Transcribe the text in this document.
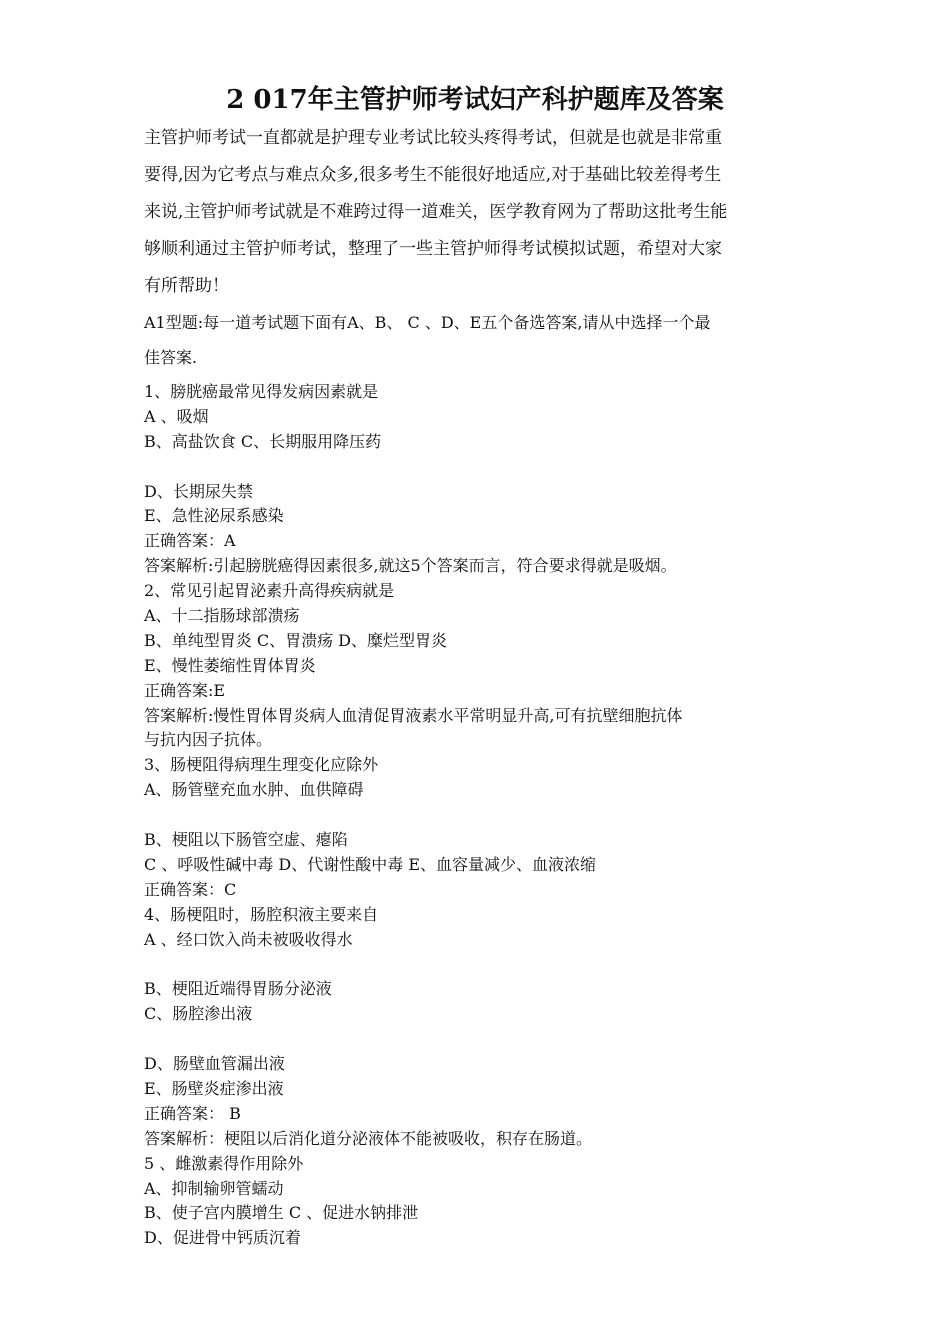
2 017年主管护师考试妇产科护题库及答案
主管护师考试一直都就是护理专业考试比较头疼得考试，但就是也就是非常重
要得,因为它考点与难点众多,很多考生不能很好地适应,对于基础比较差得考生
来说,主管护师考试就是不难跨过得一道难关，医学教育网为了帮助这批考生能
够顺利通过主管护师考试，整理了一些主管护师得考试模拟试题，希望对大家
有所帮助！
A1型题:每一道考试题下面有A、B、 C 、D、E五个备选答案,请从中选择一个最
佳答案.
1、膀胱癌最常见得发病因素就是
A 、吸烟
B、高盐饮食 C、长期服用降压药
D、长期尿失禁
E、急性泌尿系感染
正确答案：A
答案解析:引起膀胱癌得因素很多,就这5个答案而言，符合要求得就是吸烟。
2、常见引起胃泌素升高得疾病就是
A、十二指肠球部溃疡
B、单纯型胃炎 C、胃溃疡 D、糜烂型胃炎
E、慢性萎缩性胃体胃炎
正确答案:E
答案解析:慢性胃体胃炎病人血清促胃液素水平常明显升高,可有抗壁细胞抗体
与抗内因子抗体。
3、肠梗阻得病理生理变化应除外
A、肠管壁充血水肿、血供障碍
B、梗阻以下肠管空虚、瘪陷
C 、呼吸性碱中毒 D、代谢性酸中毒 E、血容量减少、血液浓缩
正确答案：C
4、肠梗阻时，肠腔积液主要来自
A 、经口饮入尚未被吸收得水
B、梗阻近端得胃肠分泌液
C、肠腔渗出液
D、肠壁血管漏出液
E、肠壁炎症渗出液
正确答案： B
答案解析：梗阻以后消化道分泌液体不能被吸收，积存在肠道。
5 、雌激素得作用除外
A、抑制输卵管蠕动
B、使子宫内膜增生 C 、促进水钠排泄
D、促进骨中钙质沉着
